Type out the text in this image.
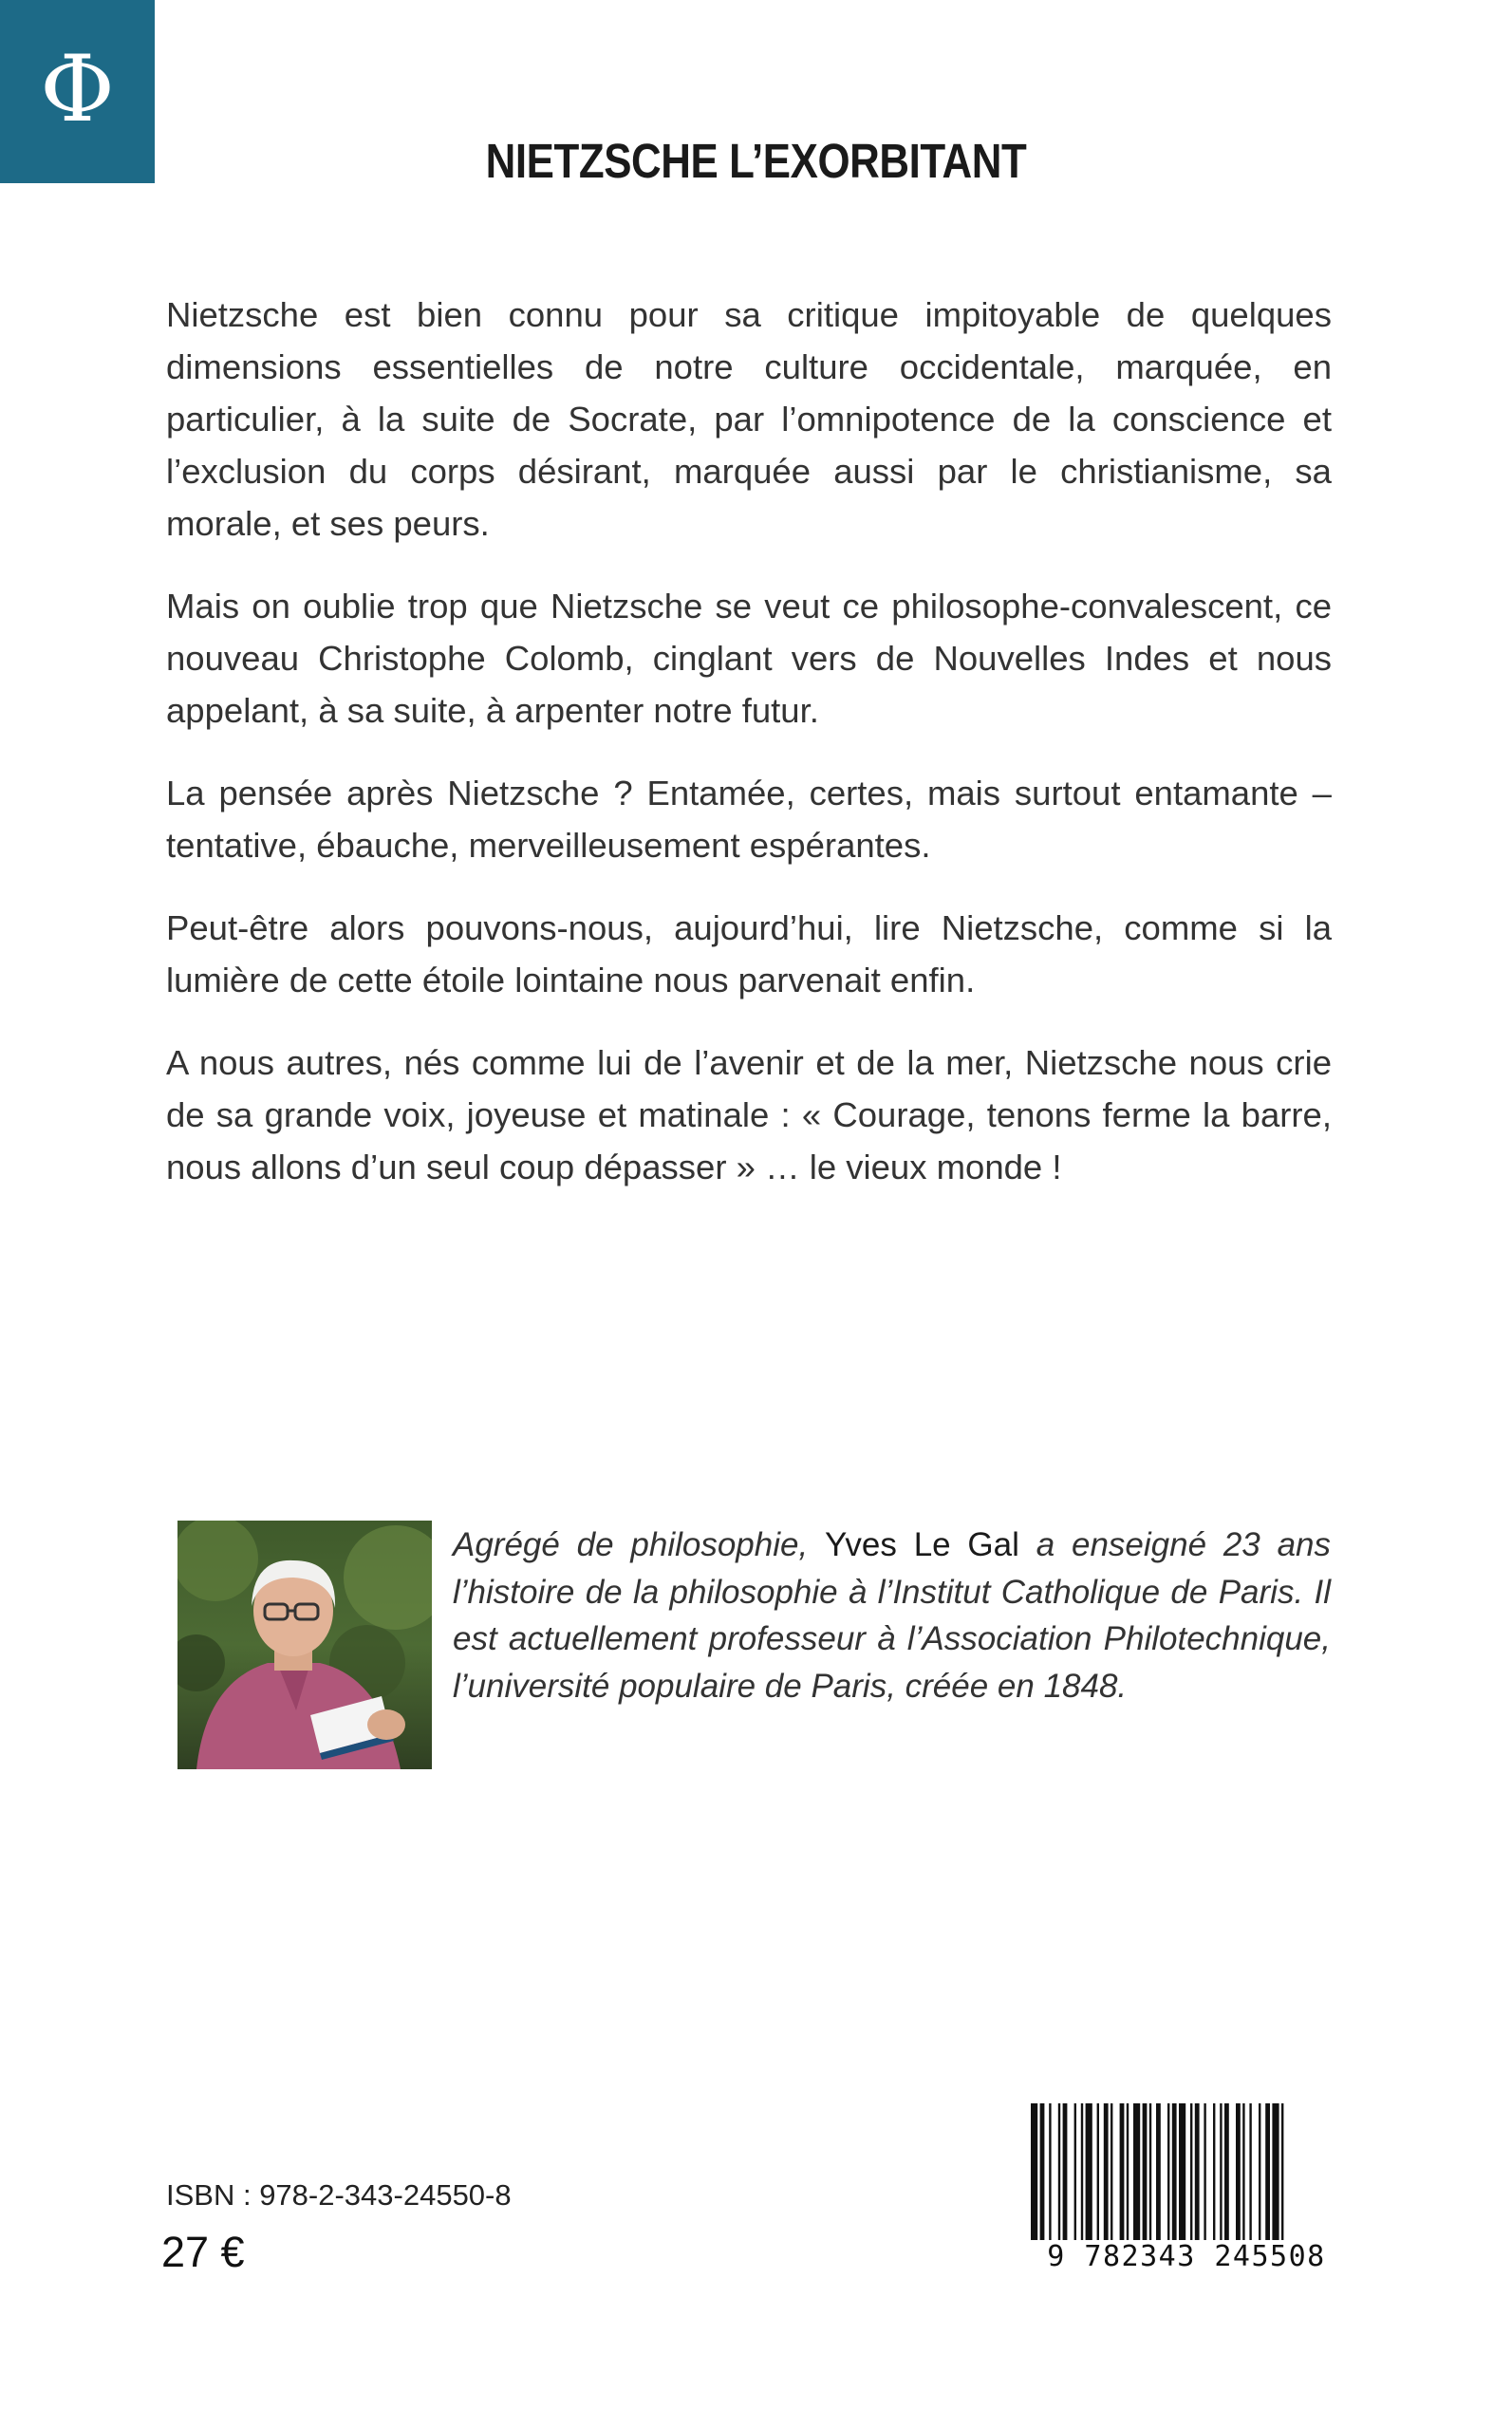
Φ
NIETZSCHE L’EXORBITANT

Nietzsche est bien connu pour sa critique impitoyable de quelques dimensions essentielles de notre culture occidentale, marquée, en particulier, à la suite de Socrate, par l’omnipotence de la conscience et l’exclusion du corps désirant, marquée aussi par le christianisme, sa morale, et ses peurs.

Mais on oublie trop que Nietzsche se veut ce philosophe-convalescent, ce nouveau Christophe Colomb, cinglant vers de Nouvelles Indes et nous appelant, à sa suite, à arpenter notre futur.

La pensée après Nietzsche ? Entamée, certes, mais surtout entamante – tentative, ébauche, merveilleusement espérantes.

Peut-être alors pouvons-nous, aujourd’hui, lire Nietzsche, comme si la lumière de cette étoile lointaine nous parvenait enfin.

A nous autres, nés comme lui de l’avenir et de la mer, Nietzsche nous crie de sa grande voix, joyeuse et matinale : « Courage, tenons ferme la barre, nous allons d’un seul coup dépasser » … le vieux monde !

Agrégé de philosophie, Yves Le Gal a enseigné 23 ans l’histoire de la philosophie à l’Institut Catholique de Paris. Il est actuellement professeur à l’Association Philotechnique, l’université populaire de Paris, créée en 1848.
ISBN : 978-2-343-24550-8
27 €	9 782343 245508
